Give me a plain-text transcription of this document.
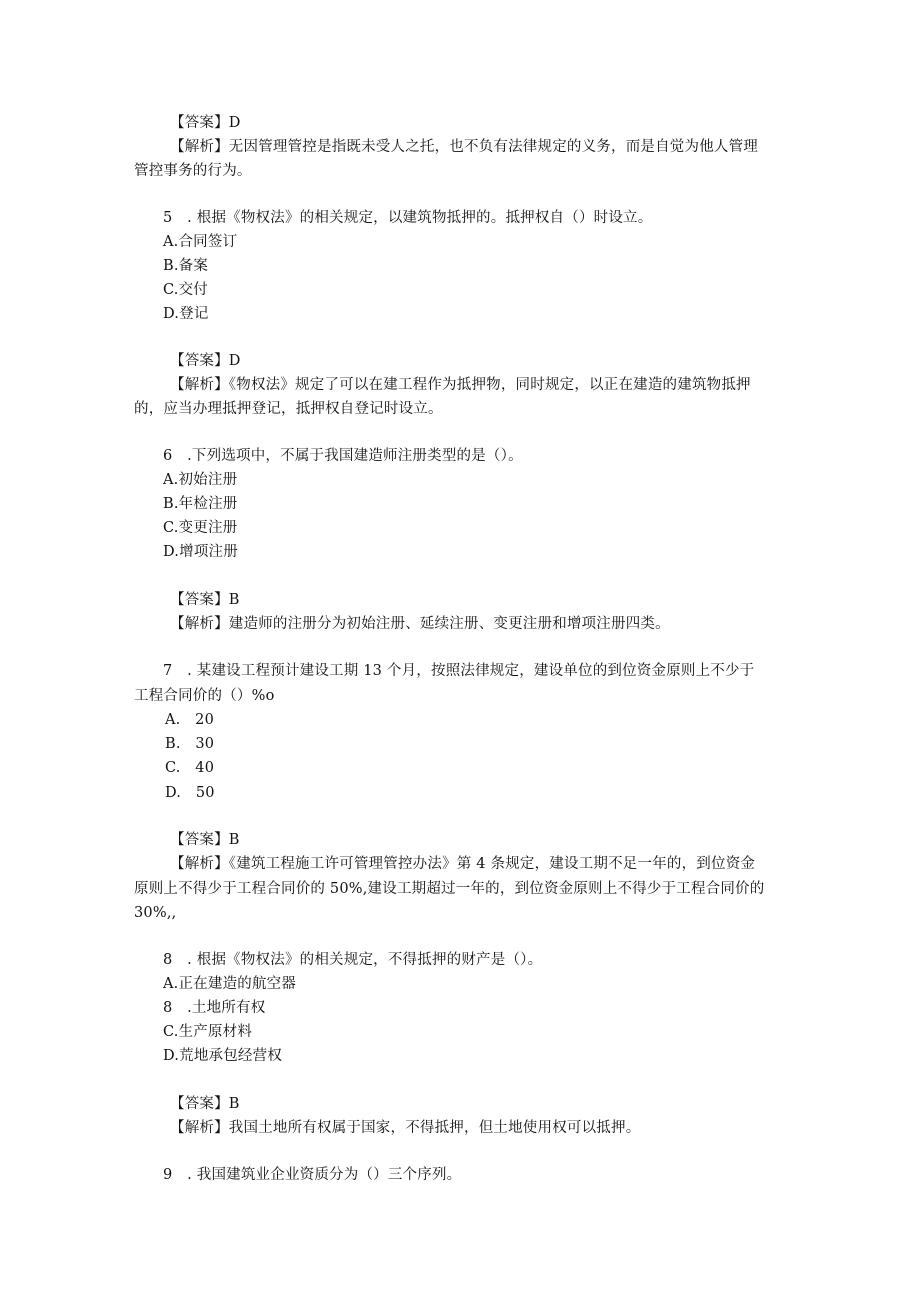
【答案】D
【解析】无因管理管控是指既未受人之托，也不负有法律规定的义务，而是自觉为他人管理
管控事务的行为。
5　. 根据《物权法》的相关规定，以建筑物抵押的。抵押权自（）时设立。
A.合同签订
B.备案
C.交付
D.登记
【答案】D
【解析】《物权法》规定了可以在建工程作为抵押物，同时规定，以正在建造的建筑物抵押
的，应当办理抵押登记，抵押权自登记时设立。
6　.下列选项中，不属于我国建造师注册类型的是（）。
A.初始注册
B.年检注册
C.变更注册
D.增项注册
【答案】B
【解析】建造师的注册分为初始注册、延续注册、变更注册和增项注册四类。
7　. 某建设工程预计建设工期 13 个月，按照法律规定，建设单位的到位资金原则上不少于
工程合同价的（）%o
A.　20
B.　30
C.　40
D.　50
【答案】B
【解析】《建筑工程施工许可管理管控办法》第 4 条规定，建设工期不足一年的，到位资金
原则上不得少于工程合同价的 50%,建设工期超过一年的，到位资金原则上不得少于工程合同价的
30%,,
8　. 根据《物权法》的相关规定，不得抵押的财产是（）。
A.正在建造的航空器
8　.土地所有权
C.生产原材料
D.荒地承包经营权
【答案】B
【解析】我国土地所有权属于国家，不得抵押，但土地使用权可以抵押。
9　. 我国建筑业企业资质分为（）三个序列。
